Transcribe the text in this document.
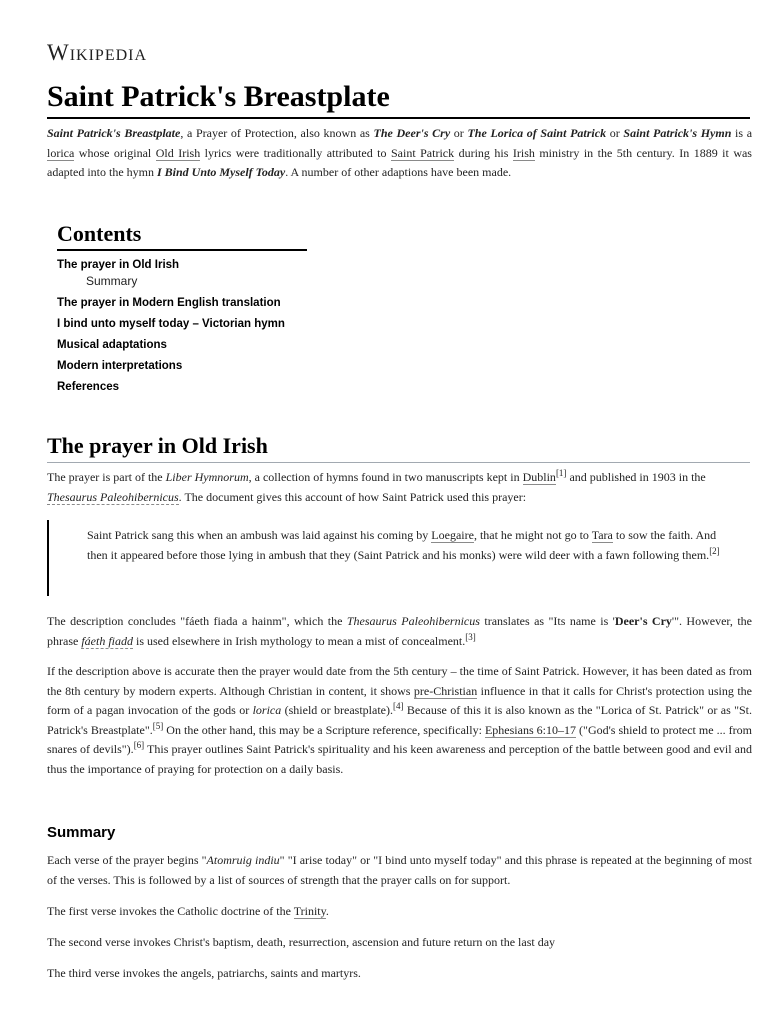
Wikipedia
Saint Patrick's Breastplate

Saint Patrick's Breastplate, a Prayer of Protection, also known as The Deer's Cry or The Lorica of Saint Patrick or Saint Patrick's Hymn is a lorica whose original Old Irish lyrics were traditionally attributed to Saint Patrick during his Irish ministry in the 5th century. In 1889 it was adapted into the hymn I Bind Unto Myself Today. A number of other adaptions have been made.

Contents
The prayer in Old Irish
Summary
The prayer in Modern English translation
I bind unto myself today – Victorian hymn
Musical adaptations
Modern interpretations
References
The prayer in Old Irish

The prayer is part of the Liber Hymnorum, a collection of hymns found in two manuscripts kept in Dublin[1] and published in 1903 in the Thesaurus Paleohibernicus. The document gives this account of how Saint Patrick used this prayer:

Saint Patrick sang this when an ambush was laid against his coming by Loegaire, that he might not go to Tara to sow the faith. And then it appeared before those lying in ambush that they (Saint Patrick and his monks) were wild deer with a fawn following them.[2]

The description concludes "fáeth fiada a hainm", which the Thesaurus Paleohibernicus translates as "Its name is 'Deer's Cry'". However, the phrase fáeth fiadd is used elsewhere in Irish mythology to mean a mist of concealment.[3]

If the description above is accurate then the prayer would date from the 5th century – the time of Saint Patrick. However, it has been dated as from the 8th century by modern experts. Although Christian in content, it shows pre-Christian influence in that it calls for Christ's protection using the form of a pagan invocation of the gods or lorica (shield or breastplate).[4] Because of this it is also known as the "Lorica of St. Patrick" or as "St. Patrick's Breastplate".[5] On the other hand, this may be a Scripture reference, specifically: Ephesians 6:10–17 ("God's shield to protect me ... from snares of devils").[6] This prayer outlines Saint Patrick's spirituality and his keen awareness and perception of the battle between good and evil and thus the importance of praying for protection on a daily basis.

Summary

Each verse of the prayer begins "Atomruig indiu" "I arise today" or "I bind unto myself today" and this phrase is repeated at the beginning of most of the verses. This is followed by a list of sources of strength that the prayer calls on for support.

The first verse invokes the Catholic doctrine of the Trinity.

The second verse invokes Christ's baptism, death, resurrection, ascension and future return on the last day

The third verse invokes the angels, patriarchs, saints and martyrs.
